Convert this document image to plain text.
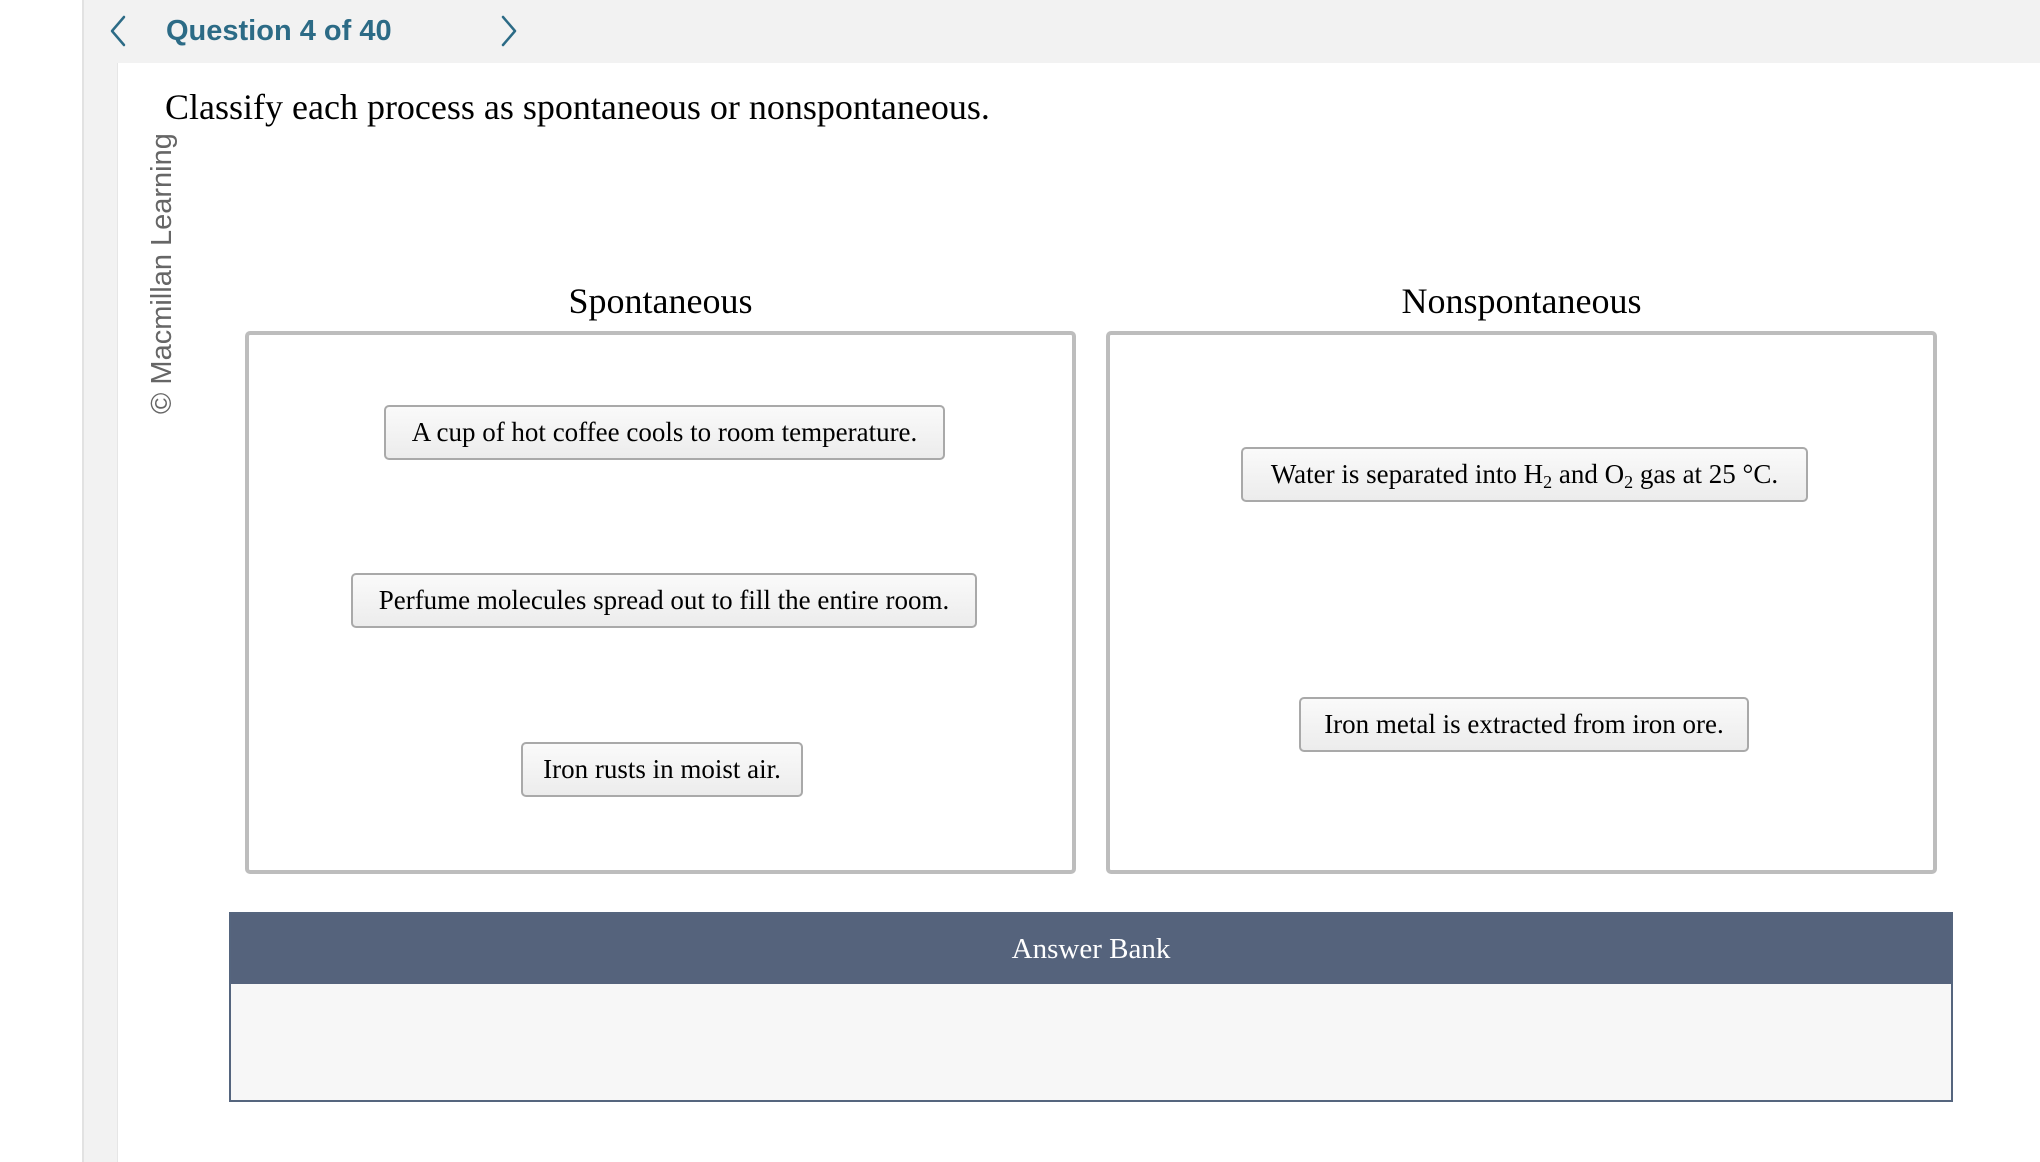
Question 4 of 40
© Macmillan Learning
Classify each process as spontaneous or nonspontaneous.
Spontaneous	Nonspontaneous
A cup of hot coffee cools to room temperature.
Perfume molecules spread out to fill the entire room.
Iron rusts in moist air.
Water is separated into $H_2$ and $O_2$ gas at 25 °C.
Iron metal is extracted from iron ore.
Answer Bank
